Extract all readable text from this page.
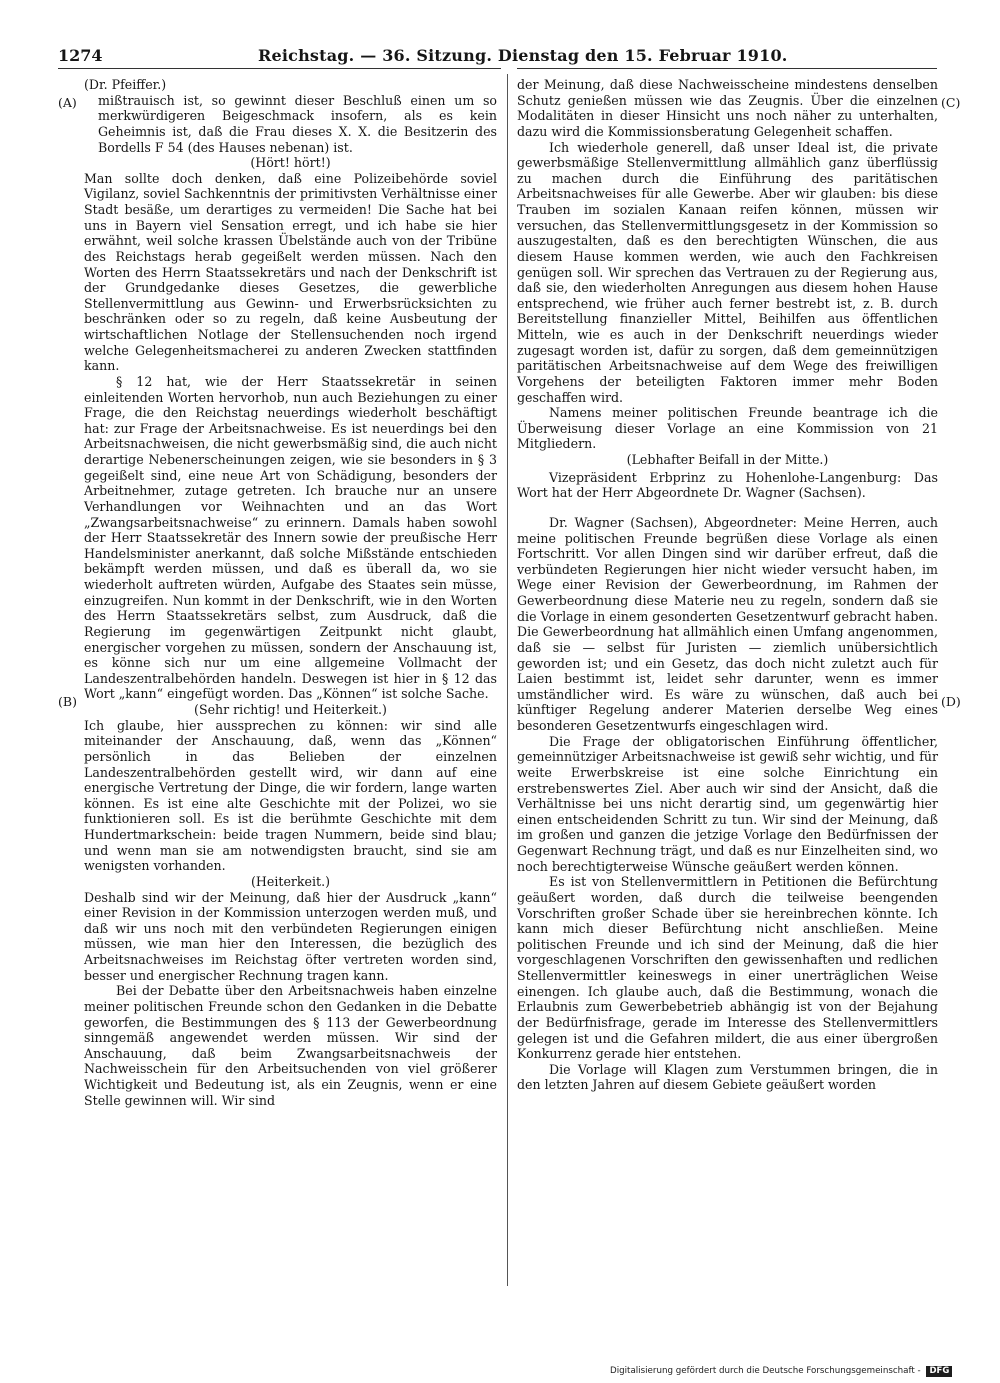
1274	Reichstag. — 36. Sitzung. Dienstag den 15. Februar 1910.
(A)
(B)
(C)
(D)

(Dr. Pfeiffer.)

mißtrauisch ist, so gewinnt dieser Beschluß einen um so merkwürdigeren Beigeschmack insofern, als es kein Geheimnis ist, daß die Frau dieses X. X. die Besitzerin des Bordells F 54 (des Hauses nebenan) ist.

(Hört! hört!)

Man sollte doch denken, daß eine Polizeibehörde soviel Vigilanz, soviel Sachkenntnis der primitivsten Verhältnisse einer Stadt besäße, um derartiges zu vermeiden! Die Sache hat bei uns in Bayern viel Sensation erregt, und ich habe sie hier erwähnt, weil solche krassen Übelstände auch von der Tribüne des Reichstags herab gegeißelt werden müssen. Nach den Worten des Herrn Staatssekretärs und nach der Denkschrift ist der Grundgedanke dieses Gesetzes, die gewerbliche Stellenvermittlung aus Gewinn- und Erwerbsrücksichten zu beschränken oder so zu regeln, daß keine Ausbeutung der wirtschaftlichen Notlage der Stellensuchenden noch irgend welche Gelegenheitsmacherei zu anderen Zwecken stattfinden kann.

§ 12 hat, wie der Herr Staatssekretär in seinen einleitenden Worten hervorhob, nun auch Beziehungen zu einer Frage, die den Reichstag neuerdings wiederholt beschäftigt hat: zur Frage der Arbeitsnachweise. Es ist neuerdings bei den Arbeitsnachweisen, die nicht gewerbsmäßig sind, die auch nicht derartige Nebenerscheinungen zeigen, wie sie besonders in § 3 gegeißelt sind, eine neue Art von Schädigung, besonders der Arbeitnehmer, zutage getreten. Ich brauche nur an unsere Verhandlungen vor Weihnachten und an das Wort „Zwangsarbeitsnachweise“ zu erinnern. Damals haben sowohl der Herr Staatssekretär des Innern sowie der preußische Herr Handelsminister anerkannt, daß solche Mißstände entschieden bekämpft werden müssen, und daß es überall da, wo sie wiederholt auftreten würden, Aufgabe des Staates sein müsse, einzugreifen. Nun kommt in der Denkschrift, wie in den Worten des Herrn Staatssekretärs selbst, zum Ausdruck, daß die Regierung im gegenwärtigen Zeitpunkt nicht glaubt, energischer vorgehen zu müssen, sondern der Anschauung ist, es könne sich nur um eine allgemeine Vollmacht der Landeszentralbehörden handeln. Deswegen ist hier in § 12 das Wort „kann“ eingefügt worden. Das „Können“ ist solche Sache.

(Sehr richtig! und Heiterkeit.)

Ich glaube, hier aussprechen zu können: wir sind alle miteinander der Anschauung, daß, wenn das „Können“ persönlich in das Belieben der einzelnen Landeszentralbehörden gestellt wird, wir dann auf eine energische Vertretung der Dinge, die wir fordern, lange warten können. Es ist eine alte Geschichte mit der Polizei, wo sie funktionieren soll. Es ist die berühmte Geschichte mit dem Hundertmarkschein: beide tragen Nummern, beide sind blau; und wenn man sie am notwendigsten braucht, sind sie am wenigsten vorhanden.

(Heiterkeit.)

Deshalb sind wir der Meinung, daß hier der Ausdruck „kann“ einer Revision in der Kommission unterzogen werden muß, und daß wir uns noch mit den verbündeten Regierungen einigen müssen, wie man hier den Interessen, die bezüglich des Arbeitsnachweises im Reichstag öfter vertreten worden sind, besser und energischer Rechnung tragen kann.

Bei der Debatte über den Arbeitsnachweis haben einzelne meiner politischen Freunde schon den Gedanken in die Debatte geworfen, die Bestimmungen des § 113 der Gewerbeordnung sinngemäß angewendet werden müssen. Wir sind der Anschauung, daß beim Zwangsarbeitsnachweis der Nachweisschein für den Arbeitsuchenden von viel größerer Wichtigkeit und Bedeutung ist, als ein Zeugnis, wenn er eine Stelle gewinnen will. Wir sind

der Meinung, daß diese Nachweisscheine mindestens denselben Schutz genießen müssen wie das Zeugnis. Über die einzelnen Modalitäten in dieser Hinsicht uns noch näher zu unterhalten, dazu wird die Kommissionsberatung Gelegenheit schaffen.

Ich wiederhole generell, daß unser Ideal ist, die private gewerbsmäßige Stellenvermittlung allmählich ganz überflüssig zu machen durch die Einführung des paritätischen Arbeitsnachweises für alle Gewerbe. Aber wir glauben: bis diese Trauben im sozialen Kanaan reifen können, müssen wir versuchen, das Stellenvermittlungsgesetz in der Kommission so auszugestalten, daß es den berechtigten Wünschen, die aus diesem Hause kommen werden, wie auch den Fachkreisen genügen soll. Wir sprechen das Vertrauen zu der Regierung aus, daß sie, den wiederholten Anregungen aus diesem hohen Hause entsprechend, wie früher auch ferner bestrebt ist, z. B. durch Bereitstellung finanzieller Mittel, Beihilfen aus öffentlichen Mitteln, wie es auch in der Denkschrift neuerdings wieder zugesagt worden ist, dafür zu sorgen, daß dem gemeinnützigen paritätischen Arbeitsnachweise auf dem Wege des freiwilligen Vorgehens der beteiligten Faktoren immer mehr Boden geschaffen wird.

Namens meiner politischen Freunde beantrage ich die Überweisung dieser Vorlage an eine Kommission von 21 Mitgliedern.

(Lebhafter Beifall in der Mitte.)

Vizepräsident Erbprinz zu Hohenlohe-Langenburg: Das Wort hat der Herr Abgeordnete Dr. Wagner (Sachsen).

Dr. Wagner (Sachsen), Abgeordneter: Meine Herren, auch meine politischen Freunde begrüßen diese Vorlage als einen Fortschritt. Vor allen Dingen sind wir darüber erfreut, daß die verbündeten Regierungen hier nicht wieder versucht haben, im Wege einer Revision der Gewerbeordnung, im Rahmen der Gewerbeordnung diese Materie neu zu regeln, sondern daß sie die Vorlage in einem gesonderten Gesetzentwurf gebracht haben. Die Gewerbeordnung hat allmählich einen Umfang angenommen, daß sie — selbst für Juristen — ziemlich unübersichtlich geworden ist; und ein Gesetz, das doch nicht zuletzt auch für Laien bestimmt ist, leidet sehr darunter, wenn es immer umständlicher wird. Es wäre zu wünschen, daß auch bei künftiger Regelung anderer Materien derselbe Weg eines besonderen Gesetzentwurfs eingeschlagen wird.

Die Frage der obligatorischen Einführung öffentlicher, gemeinnütziger Arbeitsnachweise ist gewiß sehr wichtig, und für weite Erwerbskreise ist eine solche Einrichtung ein erstrebenswertes Ziel. Aber auch wir sind der Ansicht, daß die Verhältnisse bei uns nicht derartig sind, um gegenwärtig hier einen entscheidenden Schritt zu tun. Wir sind der Meinung, daß im großen und ganzen die jetzige Vorlage den Bedürfnissen der Gegenwart Rechnung trägt, und daß es nur Einzelheiten sind, wo noch berechtigterweise Wünsche geäußert werden können.

Es ist von Stellenvermittlern in Petitionen die Befürchtung geäußert worden, daß durch die teilweise beengenden Vorschriften großer Schade über sie hereinbrechen könnte. Ich kann mich dieser Befürchtung nicht anschließen. Meine politischen Freunde und ich sind der Meinung, daß die hier vorgeschlagenen Vorschriften den gewissenhaften und redlichen Stellenvermittler keineswegs in einer unerträglichen Weise einengen. Ich glaube auch, daß die Bestimmung, wonach die Erlaubnis zum Gewerbebetrieb abhängig ist von der Bejahung der Bedürfnisfrage, gerade im Interesse des Stellenvermittlers gelegen ist und die Gefahren mildert, die aus einer übergroßen Konkurrenz gerade hier entstehen.

Die Vorlage will Klagen zum Verstummen bringen, die in den letzten Jahren auf diesem Gebiete geäußert worden

Digitalisierung gefördert durch die Deutsche Forschungsgemeinschaft - DFG
